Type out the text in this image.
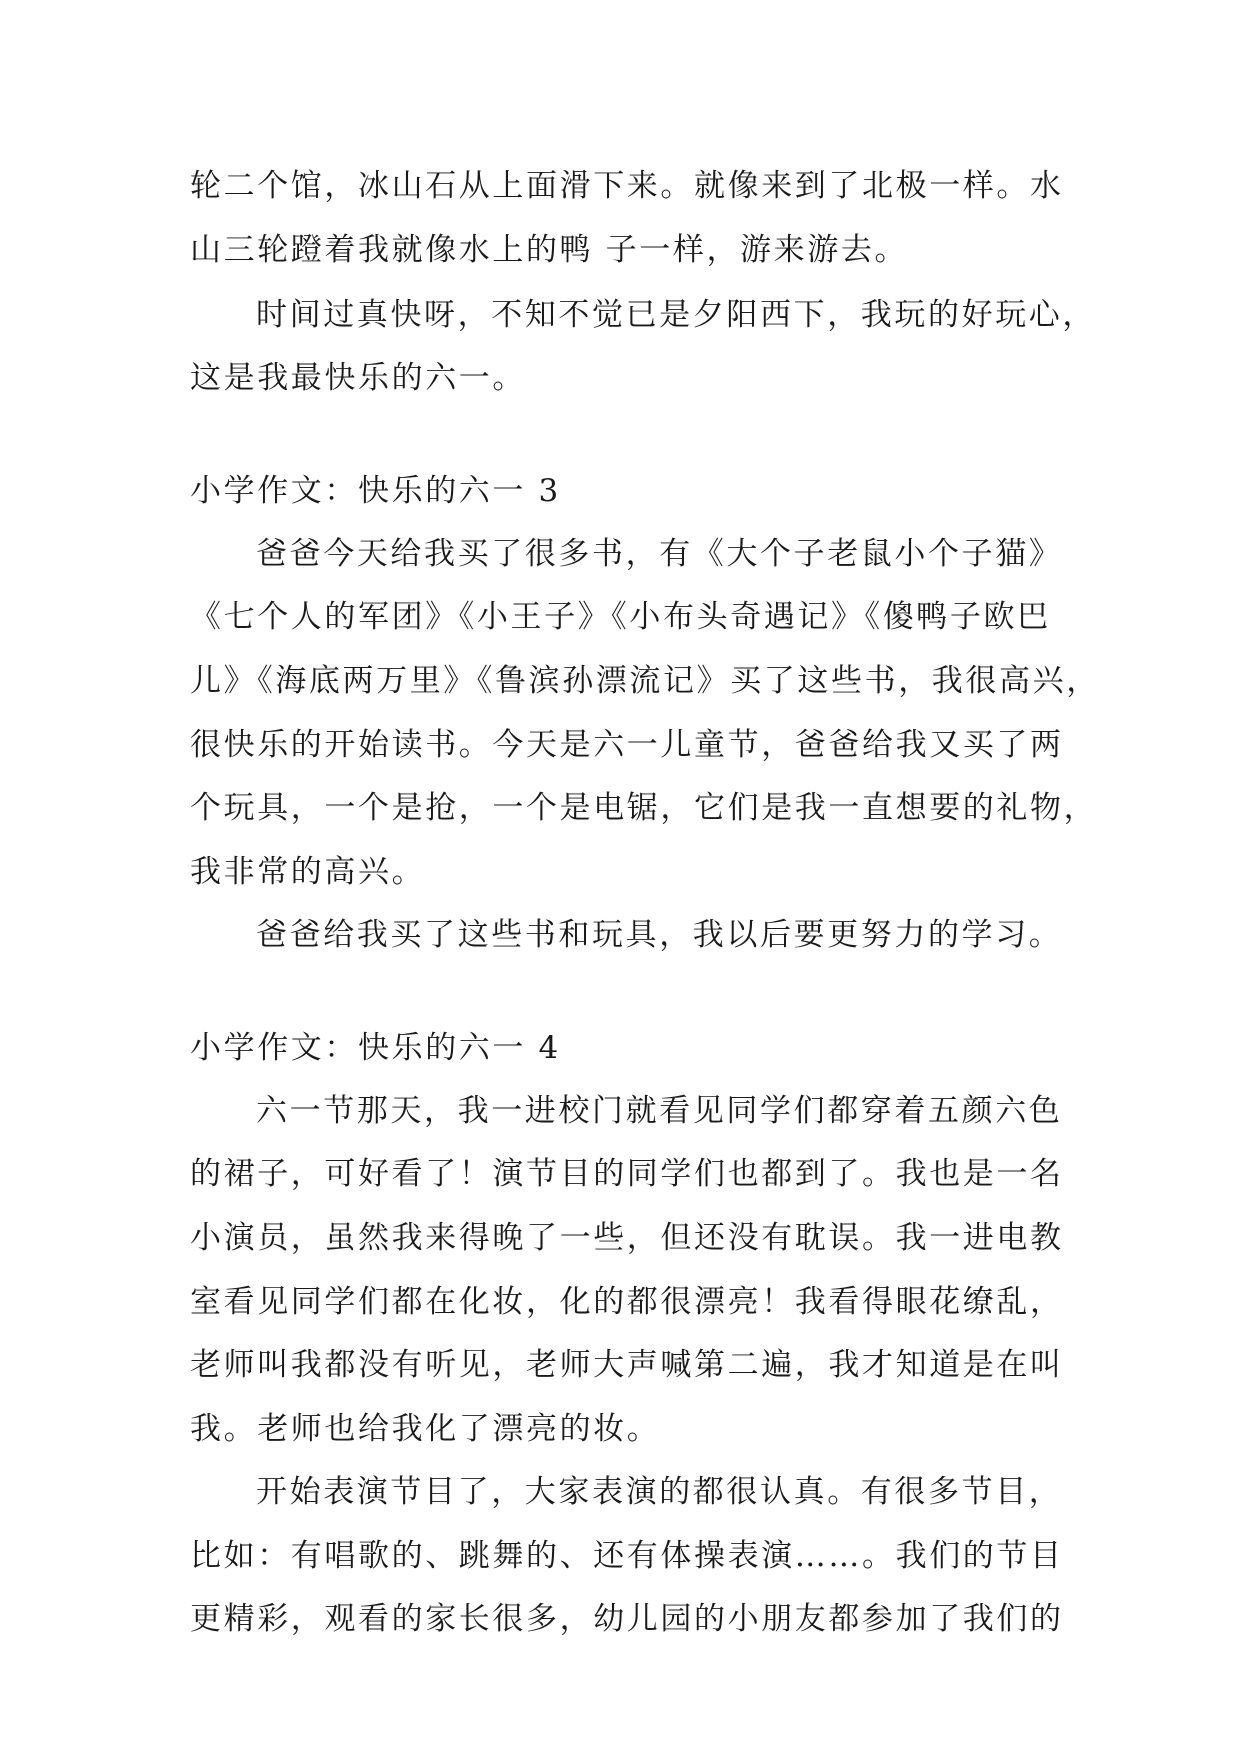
轮二个馆，冰山石从上面滑下来。就像来到了北极一样。水
山三轮蹬着我就像水上的鸭 子一样，游来游去。
时间过真快呀，不知不觉已是夕阳西下，我玩的好玩心，
这是我最快乐的六一。
小学作文：快乐的六一 3
爸爸今天给我买了很多书，有《大个子老鼠小个子猫》
《七个人的军团》《小王子》《小布头奇遇记》《傻鸭子欧巴
儿》《海底两万里》《鲁滨孙漂流记》买了这些书，我很高兴，
很快乐的开始读书。今天是六一儿童节，爸爸给我又买了两
个玩具，一个是抢，一个是电锯，它们是我一直想要的礼物，
我非常的高兴。
爸爸给我买了这些书和玩具，我以后要更努力的学习。
小学作文：快乐的六一 4
六一节那天，我一进校门就看见同学们都穿着五颜六色
的裙子，可好看了！演节目的同学们也都到了。我也是一名
小演员，虽然我来得晚了一些，但还没有耽误。我一进电教
室看见同学们都在化妆，化的都很漂亮！我看得眼花缭乱，
老师叫我都没有听见，老师大声喊第二遍，我才知道是在叫
我。老师也给我化了漂亮的妆。
开始表演节目了，大家表演的都很认真。有很多节目，
比如：有唱歌的、跳舞的、还有体操表演……。我们的节目
更精彩，观看的家长很多，幼儿园的小朋友都参加了我们的
